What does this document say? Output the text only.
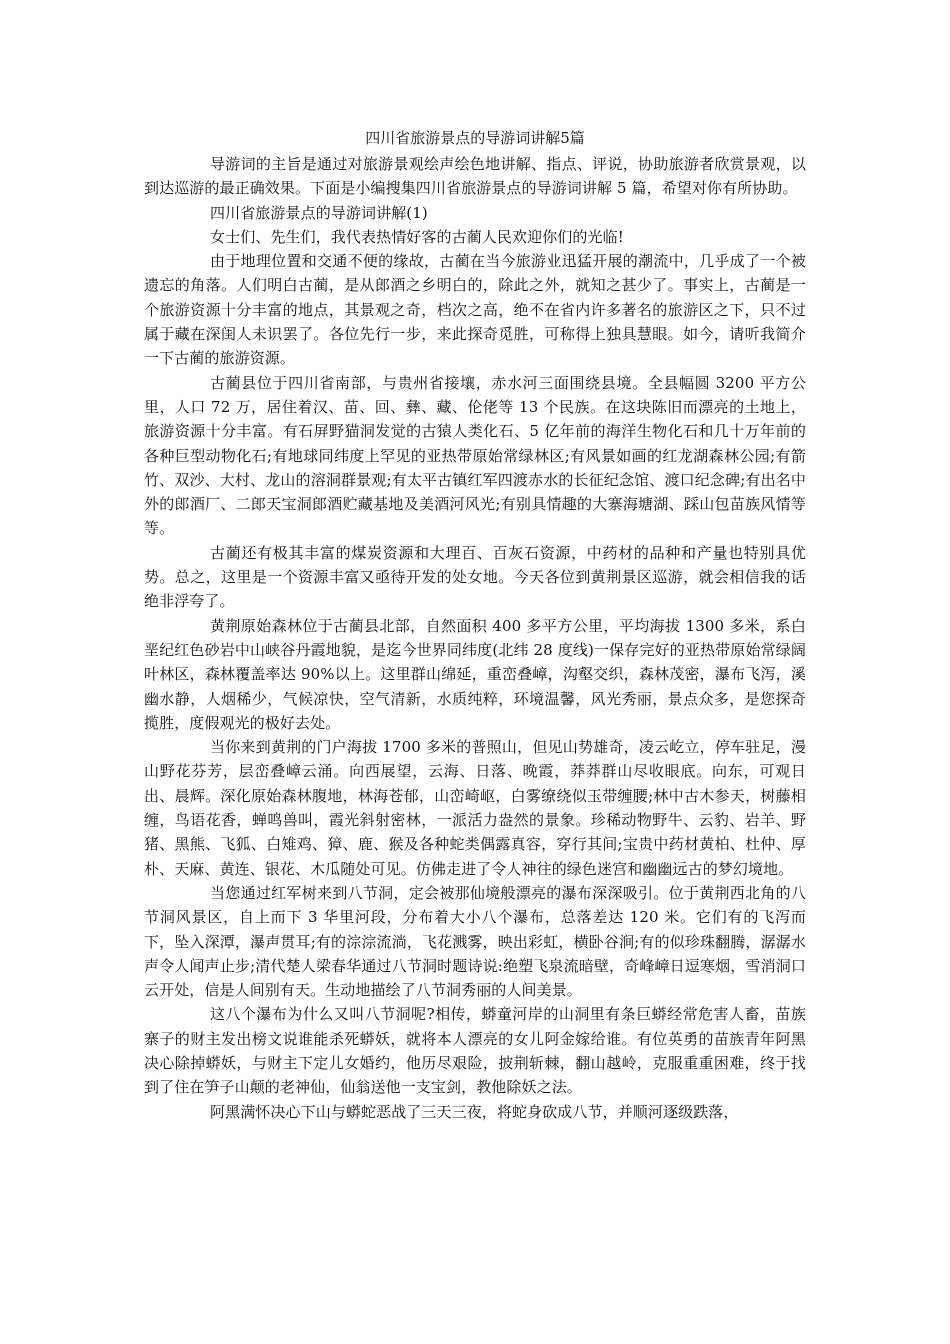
四川省旅游景点的导游词讲解5篇

导游词的主旨是通过对旅游景观绘声绘色地讲解、指点、评说，协助旅游者欣赏景观，以到达巡游的最正确效果。下面是小编搜集四川省旅游景点的导游词讲解 5 篇，希望对你有所协助。

四川省旅游景点的导游词讲解(1)

女士们、先生们，我代表热情好客的古蔺人民欢迎你们的光临!

由于地理位置和交通不便的缘故，古蔺在当今旅游业迅猛开展的潮流中，几乎成了一个被遗忘的角落。人们明白古蔺，是从郎酒之乡明白的，除此之外，就知之甚少了。事实上，古蔺是一个旅游资源十分丰富的地点，其景观之奇，档次之高，绝不在省内许多著名的旅游区之下，只不过属于藏在深闺人未识罢了。各位先行一步，来此探奇觅胜，可称得上独具慧眼。如今，请听我简介一下古蔺的旅游资源。

古蔺县位于四川省南部，与贵州省接壤，赤水河三面围绕县境。全县幅圆 3200 平方公里，人口 72 万，居住着汉、苗、回、彝、藏、伦佬等 13 个民族。在这块陈旧而漂亮的土地上，旅游资源十分丰富。有石屏野猫洞发觉的古猿人类化石、5 亿年前的海洋生物化石和几十万年前的各种巨型动物化石;有地球同纬度上罕见的亚热带原始常绿林区;有风景如画的红龙湖森林公园;有箭竹、双沙、大村、龙山的溶洞群景观;有太平古镇红军四渡赤水的长征纪念馆、渡口纪念碑;有出名中外的郎酒厂、二郎天宝洞郎酒贮藏基地及美酒河风光;有别具情趣的大寨海塘湖、踩山包苗族风情等等。

古蔺还有极其丰富的煤炭资源和大理百、百灰石资源，中药材的品种和产量也特别具优势。总之，这里是一个资源丰富又亟待开发的处女地。今天各位到黄荆景区巡游，就会相信我的话绝非浮夸了。

黄荆原始森林位于古蔺县北部，自然面积 400 多平方公里，平均海拔 1300 多米，系白垩纪红色砂岩中山峡谷丹霞地貌，是迄今世界同纬度(北纬 28 度线)一保存完好的亚热带原始常绿阔叶林区，森林覆盖率达 90%以上。这里群山绵延，重峦叠嶂，沟壑交织，森林茂密，瀑布飞泻，溪幽水静，人烟稀少，气候凉快，空气清新，水质纯粹，环境温馨，风光秀丽，景点众多，是您探奇揽胜，度假观光的极好去处。

当你来到黄荆的门户海拔 1700 多米的普照山，但见山势雄奇，凌云屹立，停车驻足，漫山野花芬芳，层峦叠嶂云涌。向西展望，云海、日落、晚霞，莽莽群山尽收眼底。向东，可观日出、晨辉。深化原始森林腹地，林海苍郁，山峦崎岖，白雾缭绕似玉带缠腰;林中古木参天，树藤相缠，鸟语花香，蝉鸣兽叫，霞光斜射密林，一派活力盎然的景象。珍稀动物野牛、云豹、岩羊、野猪、黑熊、飞狐、白雉鸡、獐、鹿、猴及各种蛇类偶露真容，穿行其间;宝贵中药材黄柏、杜仲、厚朴、天麻、黄连、银花、木瓜随处可见。仿佛走进了令人神往的绿色迷宫和幽幽远古的梦幻境地。

当您通过红军树来到八节洞，定会被那仙境般漂亮的瀑布深深吸引。位于黄荆西北角的八节洞风景区，自上而下 3 华里河段，分布着大小八个瀑布，总落差达 120 米。它们有的飞泻而下，坠入深潭，瀑声贯耳;有的淙淙流淌，飞花溅雾，映出彩虹，横卧谷涧;有的似珍珠翻腾，潺潺水声令人闻声止步;清代楚人梁春华通过八节洞时题诗说:绝塑飞泉流暗壁，奇峰嶂日逗寒烟，雪消洞口云开处，信是人间别有天。生动地描绘了八节洞秀丽的人间美景。

这八个瀑布为什么又叫八节洞呢?相传，蟒童河岸的山洞里有条巨蟒经常危害人畜，苗族寨子的财主发出榜文说谁能杀死蟒妖，就将本人漂亮的女儿阿金嫁给谁。有位英勇的苗族青年阿黑决心除掉蟒妖，与财主下定儿女婚约，他历尽艰险，披荆斩棘，翻山越岭，克服重重困难，终于找到了住在笋子山颠的老神仙，仙翁送他一支宝剑，教他除妖之法。

阿黑满怀决心下山与蟒蛇恶战了三天三夜，将蛇身砍成八节，并顺河逐级跌落，
